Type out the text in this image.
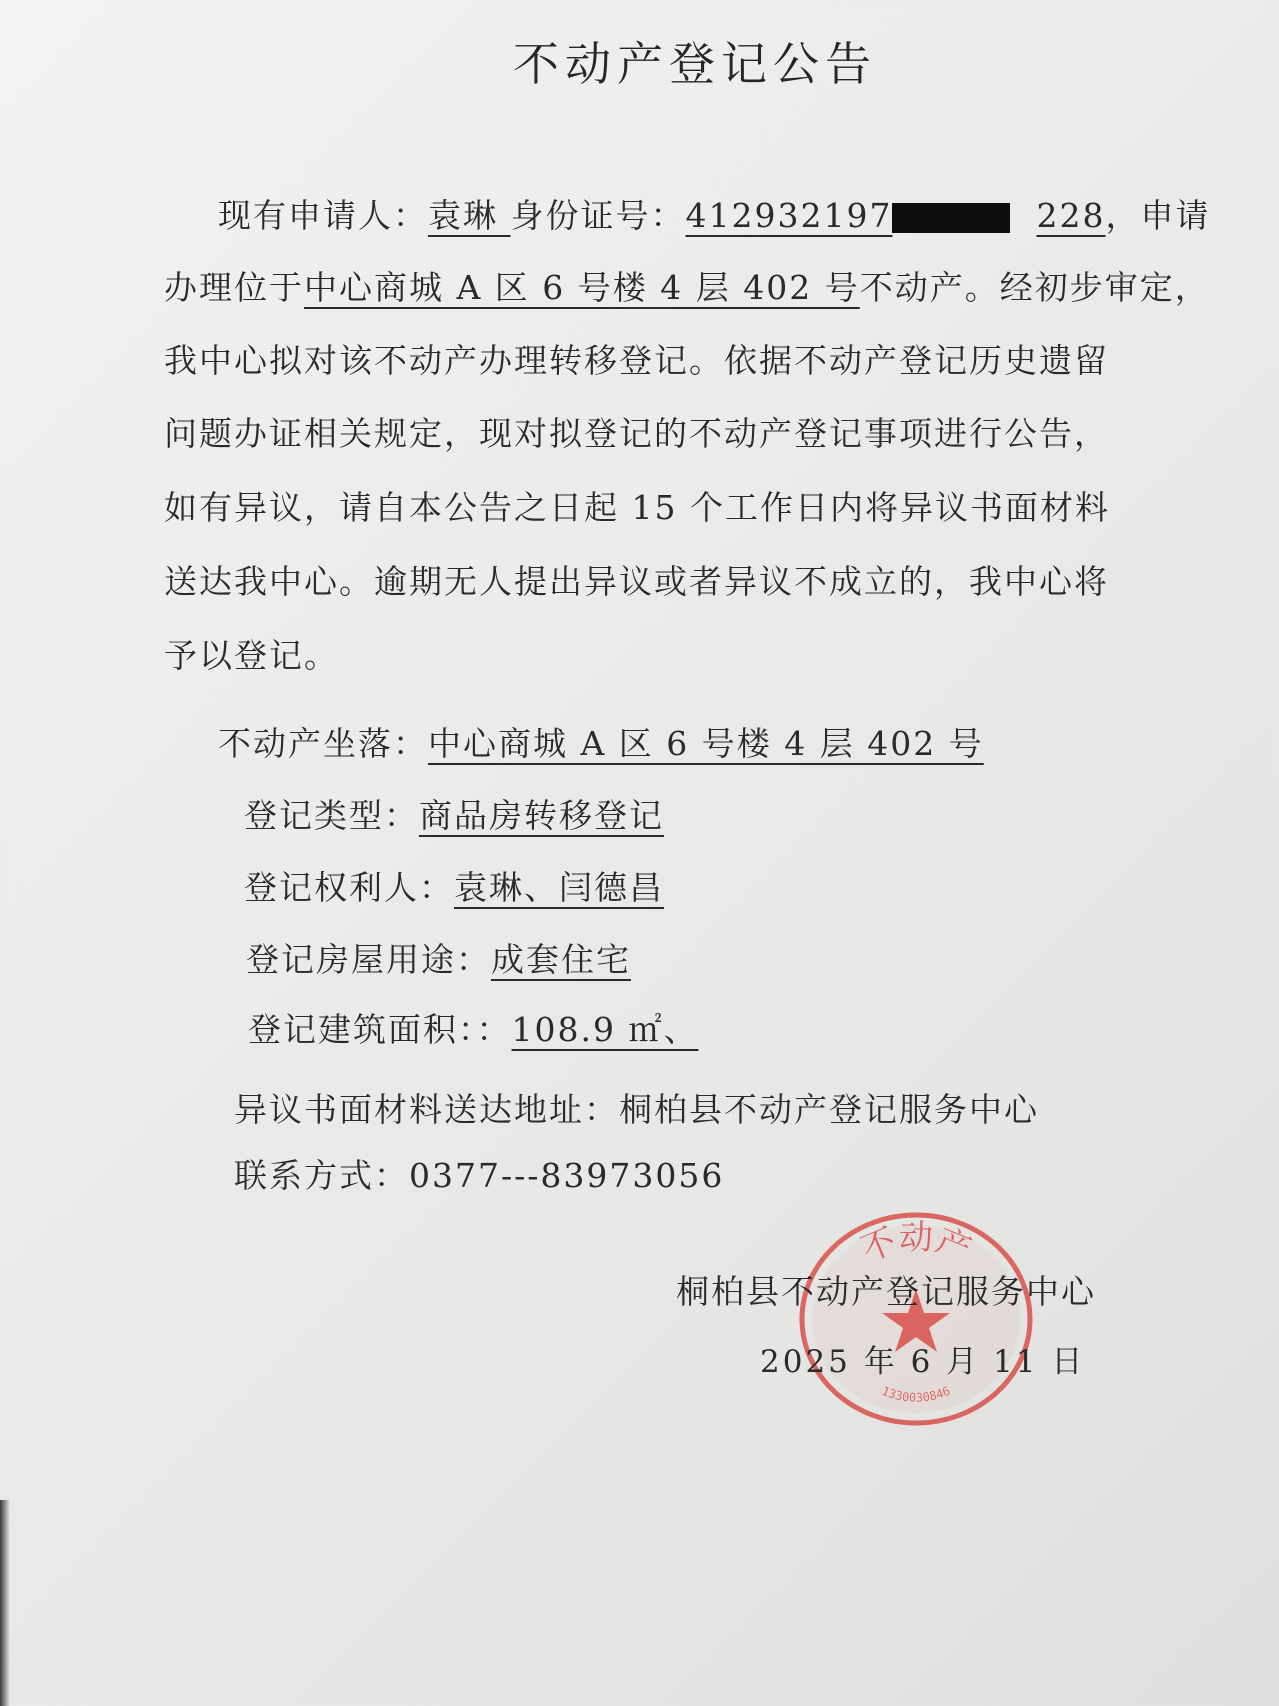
不动产登记公告
现有申请人：袁琳 身份证号：412932197	228，申请
办理位于中心商城 A 区 6 号楼 4 层 402 号不动产。经初步审定，
我中心拟对该不动产办理转移登记。依据不动产登记历史遗留
问题办证相关规定，现对拟登记的不动产登记事项进行公告，
如有异议，请自本公告之日起 15 个工作日内将异议书面材料
送达我中心。逾期无人提出异议或者异议不成立的，我中心将
予以登记。
不动产坐落：中心商城 A 区 6 号楼 4 层 402 号
登记类型：商品房转移登记
登记权利人：袁琳、闫德昌
登记房屋用途：成套住宅
登记建筑面积：：108.9 ㎡、
异议书面材料送达地址：桐柏县不动产登记服务中心
联系方式：0377---83973056
不动产
1330030846
桐柏县不动产登记服务中心
2025 年 6 月 11 日
